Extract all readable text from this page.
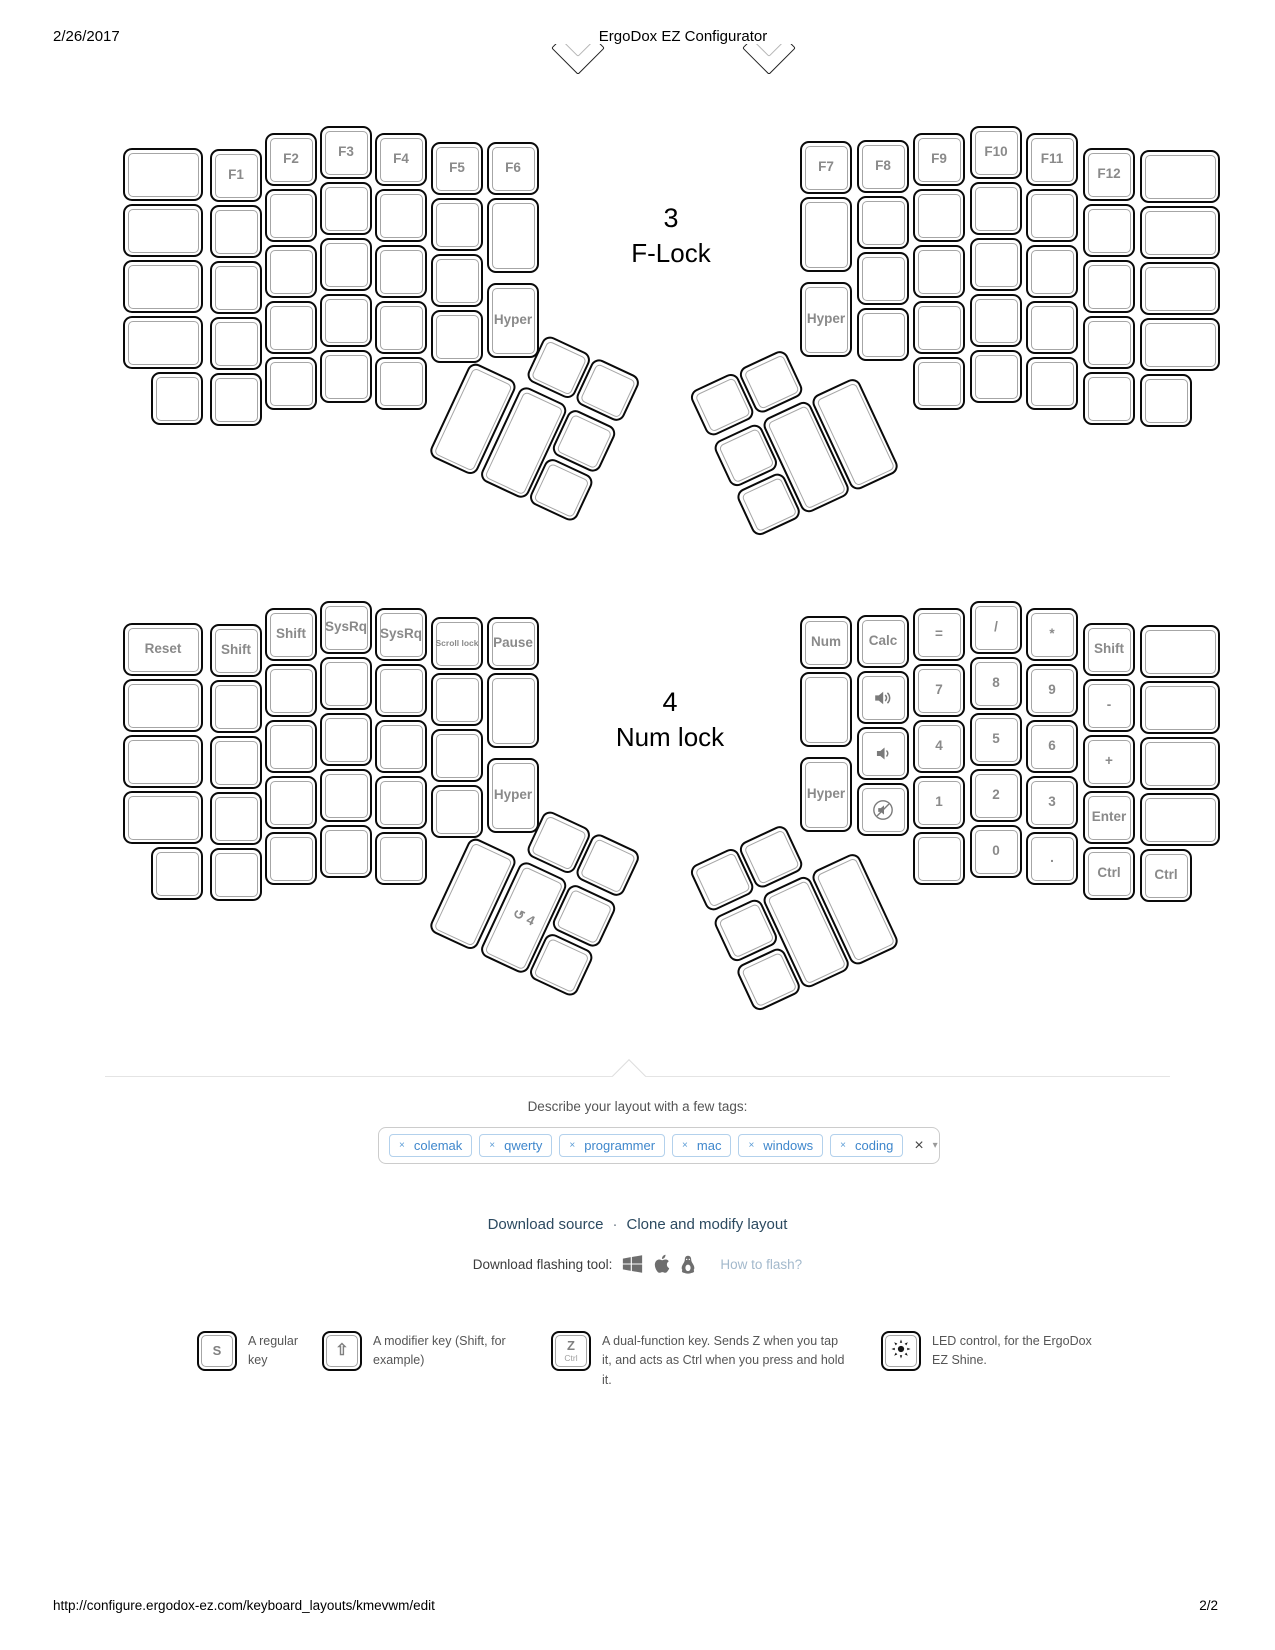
2/26/2017	ErgoDox EZ Configurator
F1
F2	F3	F4
F5	F6
Hyper
F7
Hyper
F8	F9	F10 F11
F12
3
F-Lock
Reset	Shift
Shift SysRq SysRq
Scroll lock Pause
Hyper
Num
Hyper
Calc	=
7
4
1
/
8
5
2
0
*
9
6
3
.
Shift
-
+
Enter
Ctrl	Ctrl
↺ 4
4
Num lock
Describe your layout with a few tags:
× colemak	× qwerty	× programmer	× mac	× windows	× coding × ▾
Download source · Clone and modify layout
Download flashing tool:	How to flash?
S
A regular key
⇧
A modifier key (Shift, for example)
Z
Ctrl
A dual-function key. Sends Z when you tap it, and acts as Ctrl when you press and hold it.
LED control, for the ErgoDox EZ Shine.
http://configure.ergodox-ez.com/keyboard_layouts/kmevwm/edit	2/2
